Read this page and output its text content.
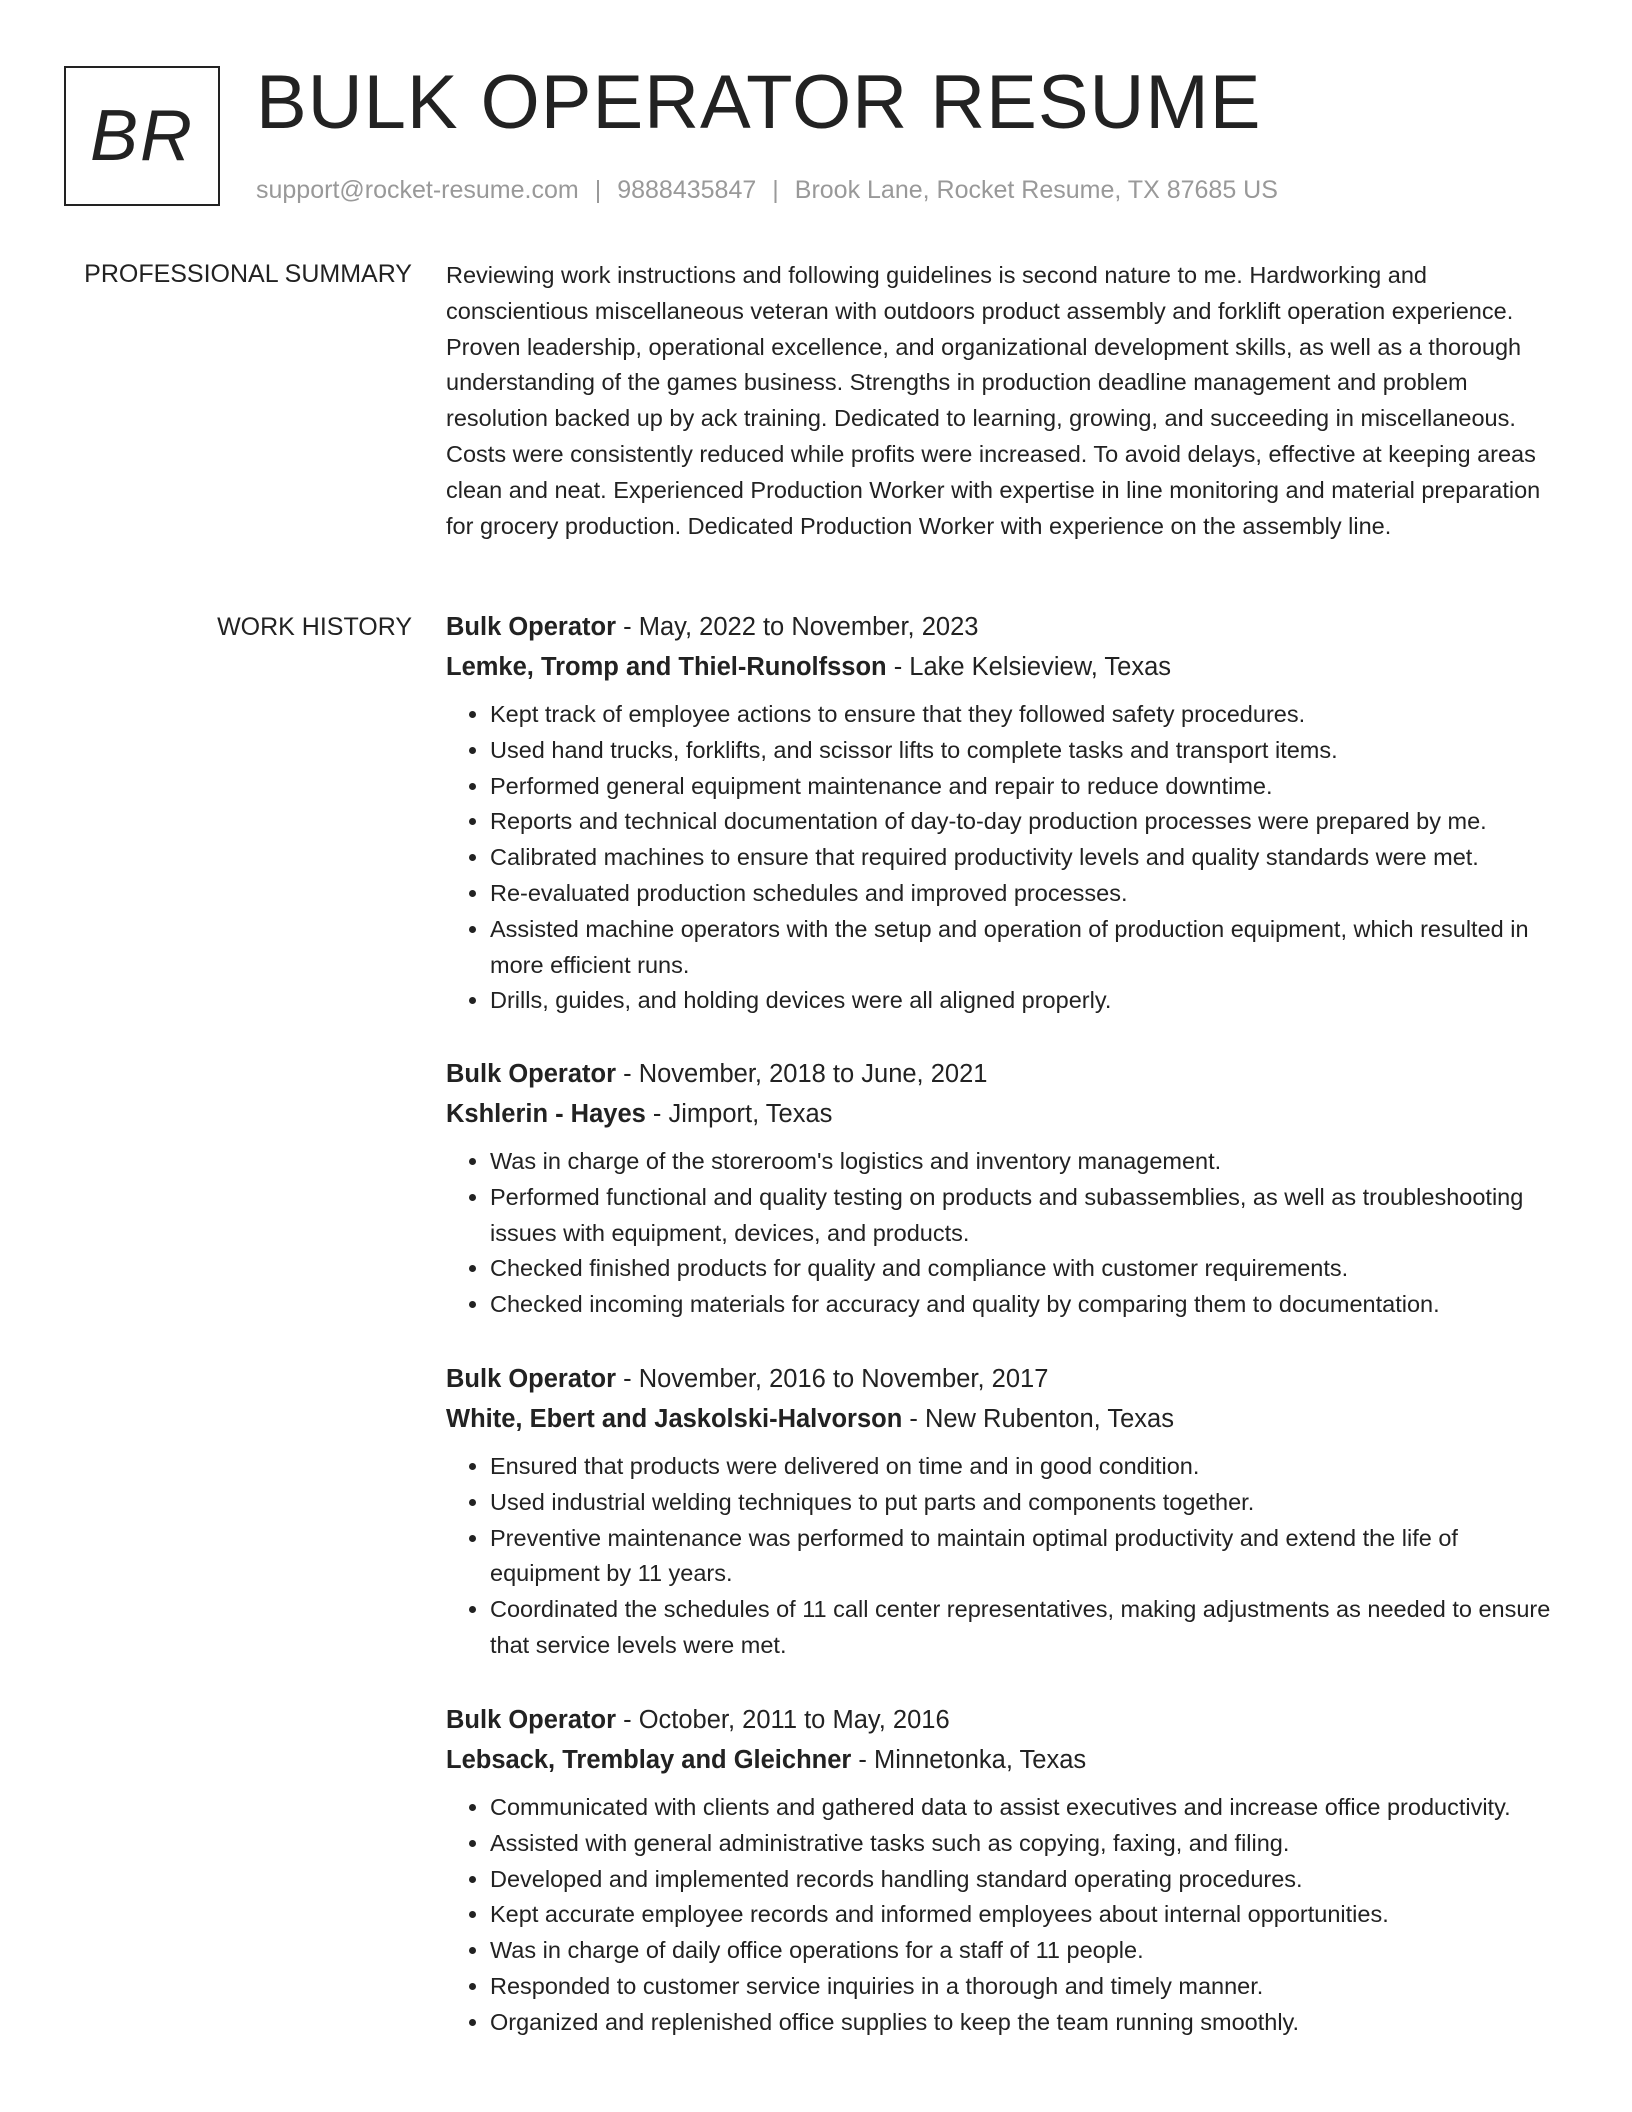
BR BULK OPERATOR RESUME
support@rocket-resume.com | 9888435847 | Brook Lane, Rocket Resume, TX 87685 US
PROFESSIONAL SUMMARY Reviewing work instructions and following guidelines is second nature to me. Hardworking and conscientious miscellaneous veteran with outdoors product assembly and forklift operation experience. Proven leadership, operational excellence, and organizational development skills, as well as a thorough understanding of the games business. Strengths in production deadline management and problem resolution backed up by ack training. Dedicated to learning, growing, and succeeding in miscellaneous. Costs were consistently reduced while profits were increased. To avoid delays, effective at keeping areas clean and neat. Experienced Production Worker with expertise in line monitoring and material preparation for grocery production. Dedicated Production Worker with experience on the assembly line.

WORK HISTORY Bulk Operator - May, 2022 to November, 2023
Lemke, Tromp and Thiel-Runolfsson - Lake Kelsieview, Texas
• Kept track of employee actions to ensure that they followed safety procedures.
• Used hand trucks, forklifts, and scissor lifts to complete tasks and transport items.
• Performed general equipment maintenance and repair to reduce downtime.
• Reports and technical documentation of day-to-day production processes were prepared by me.
• Calibrated machines to ensure that required productivity levels and quality standards were met.
• Re-evaluated production schedules and improved processes.
• Assisted machine operators with the setup and operation of production equipment, which resulted in more efficient runs.
• Drills, guides, and holding devices were all aligned properly.
Bulk Operator - November, 2018 to June, 2021
Kshlerin - Hayes - Jimport, Texas
• Was in charge of the storeroom's logistics and inventory management.
• Performed functional and quality testing on products and subassemblies, as well as troubleshooting issues with equipment, devices, and products.
• Checked finished products for quality and compliance with customer requirements.
• Checked incoming materials for accuracy and quality by comparing them to documentation.
Bulk Operator - November, 2016 to November, 2017
White, Ebert and Jaskolski-Halvorson - New Rubenton, Texas
• Ensured that products were delivered on time and in good condition.
• Used industrial welding techniques to put parts and components together.
• Preventive maintenance was performed to maintain optimal productivity and extend the life of equipment by 11 years.
• Coordinated the schedules of 11 call center representatives, making adjustments as needed to ensure that service levels were met.
Bulk Operator - October, 2011 to May, 2016
Lebsack, Tremblay and Gleichner - Minnetonka, Texas
• Communicated with clients and gathered data to assist executives and increase office productivity.
• Assisted with general administrative tasks such as copying, faxing, and filing.
• Developed and implemented records handling standard operating procedures.
• Kept accurate employee records and informed employees about internal opportunities.
• Was in charge of daily office operations for a staff of 11 people.
• Responded to customer service inquiries in a thorough and timely manner.
• Organized and replenished office supplies to keep the team running smoothly.
